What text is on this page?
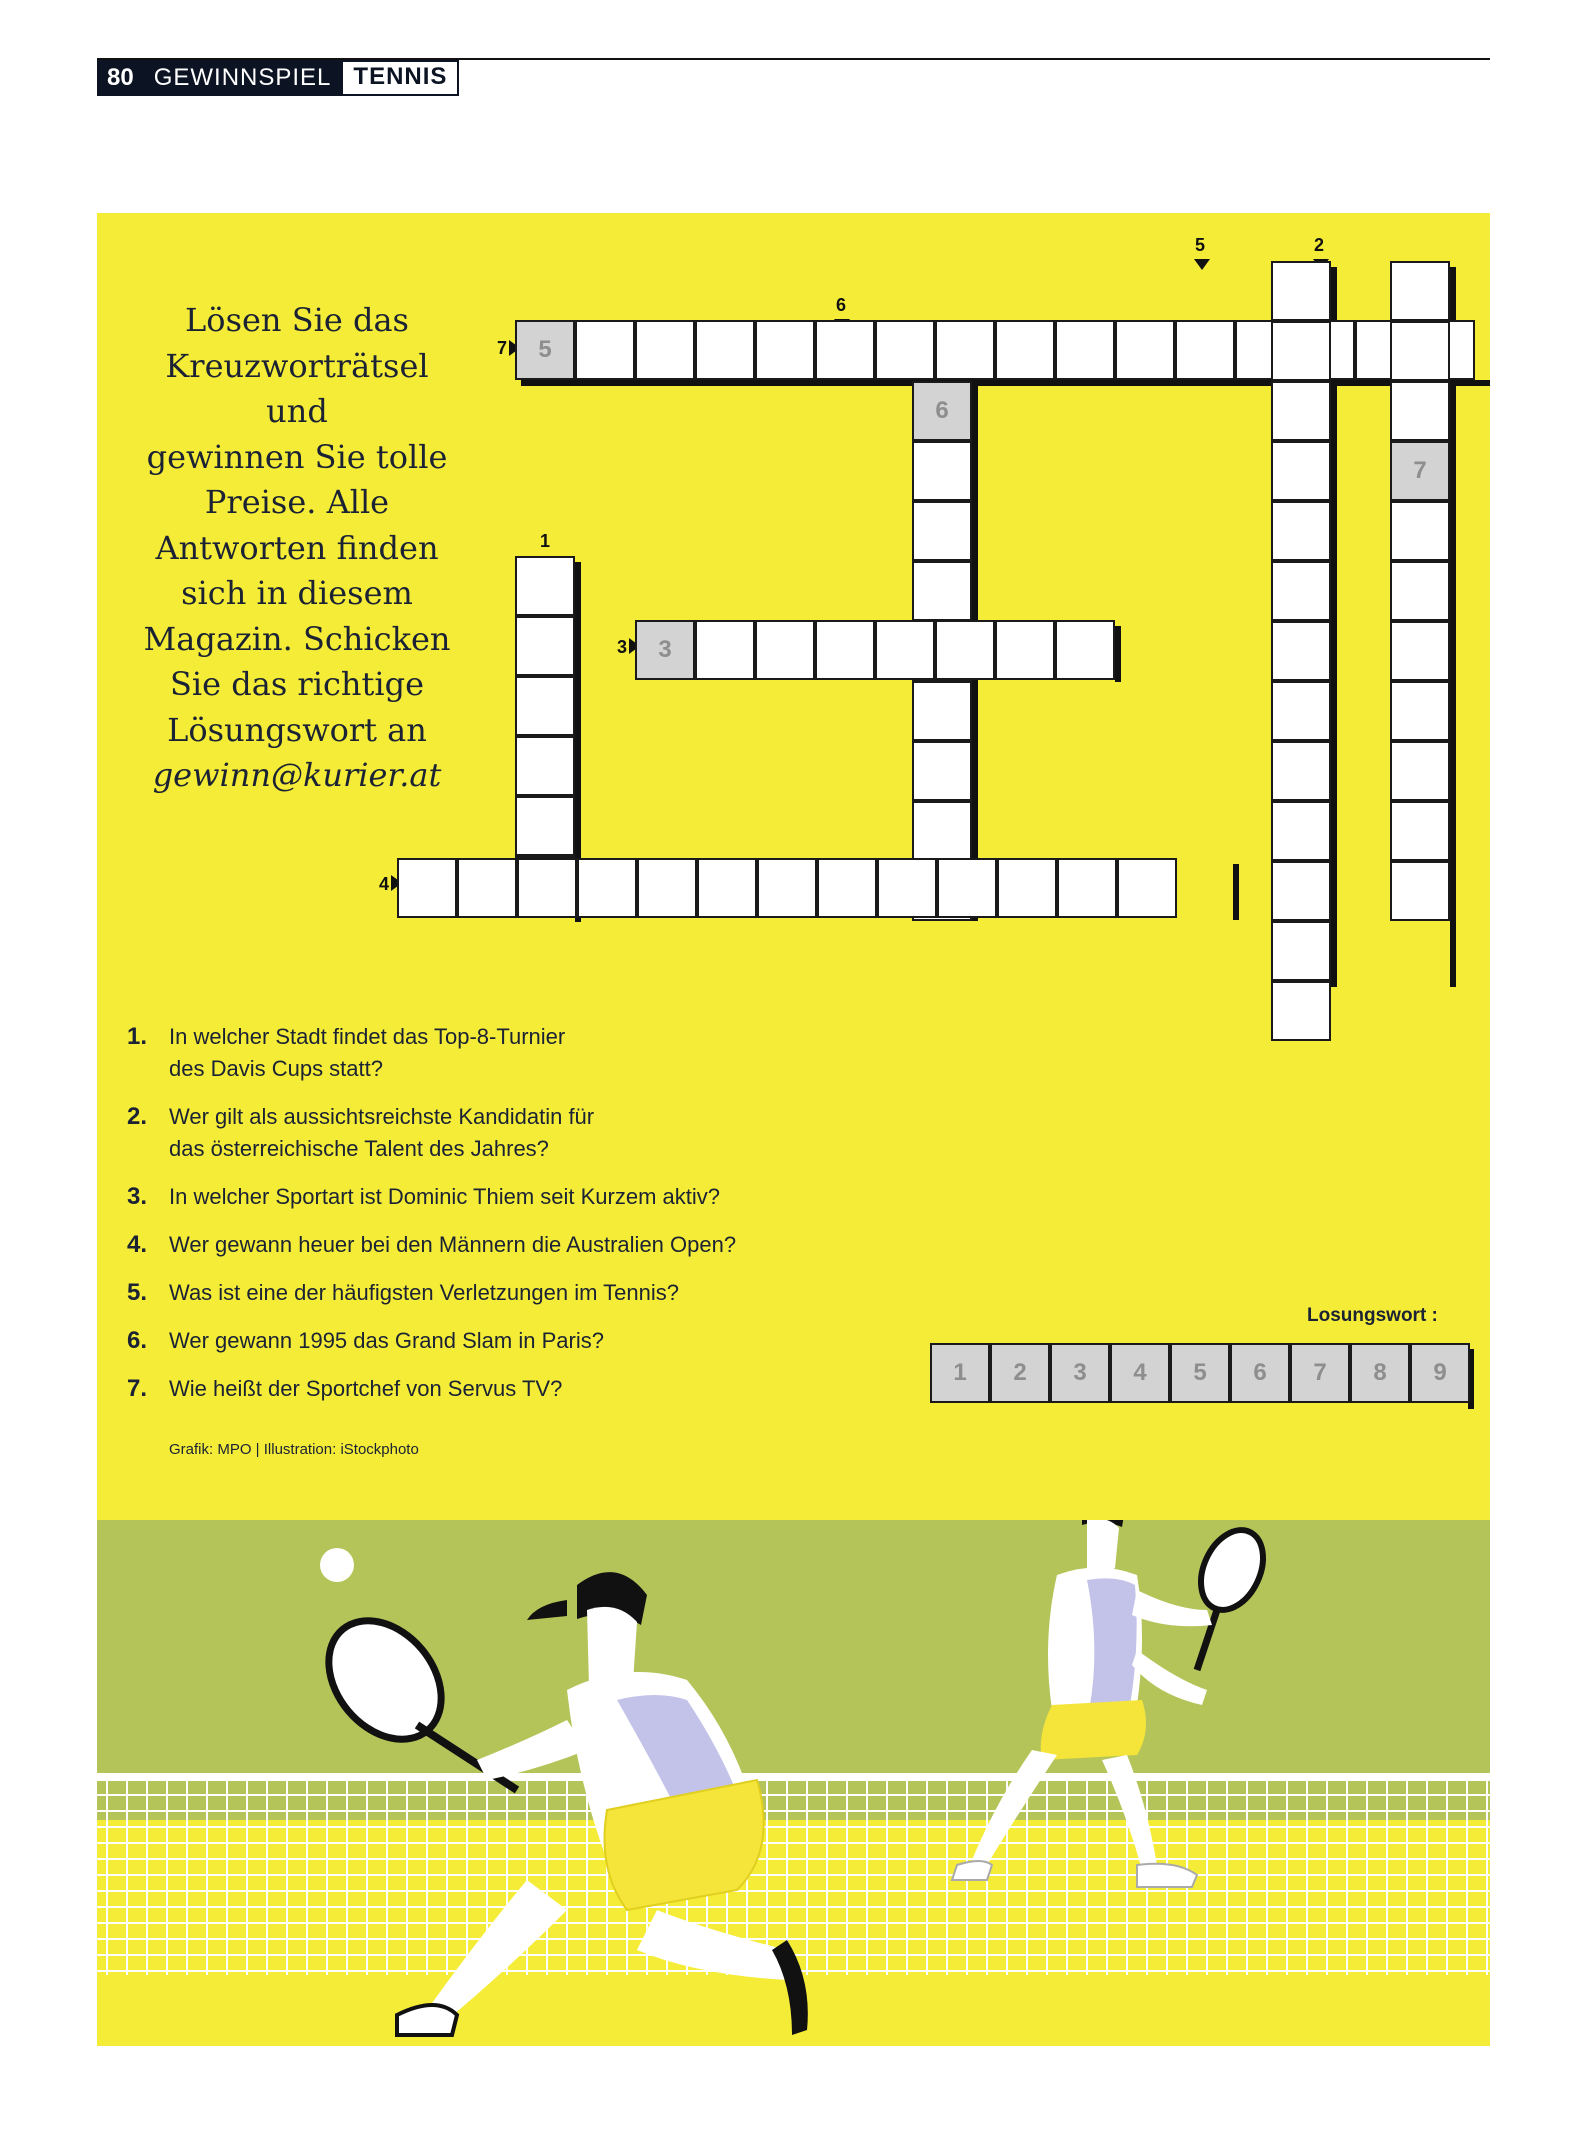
80 GEWINNSPIEL TENNIS
Lösen Sie das
Kreuzworträtsel und
gewinnen Sie tolle
Preise. Alle
Antworten finden
sich in diesem
Magazin. Schicken
Sie das richtige
Lösungswort an
gewinn@kurier.at
7
6
5	2
1
3
4
5
6
7
3
1. In welcher Stadt findet das Top-8-Turnier
des Davis Cups statt?
2. Wer gilt als aussichtsreichste Kandidatin für
das österreichische Talent des Jahres?
3. In welcher Sportart ist Dominic Thiem seit Kurzem aktiv?
4. Wer gewann heuer bei den Männern die Australien Open?
5. Was ist eine der häufigsten Verletzungen im Tennis?
6. Wer gewann 1995 das Grand Slam in Paris?
7. Wie heißt der Sportchef von Servus TV?
Grafik: MPO | Illustration: iStockphoto
Losungswort :
1	2	3	4	5	6	7	8	9
